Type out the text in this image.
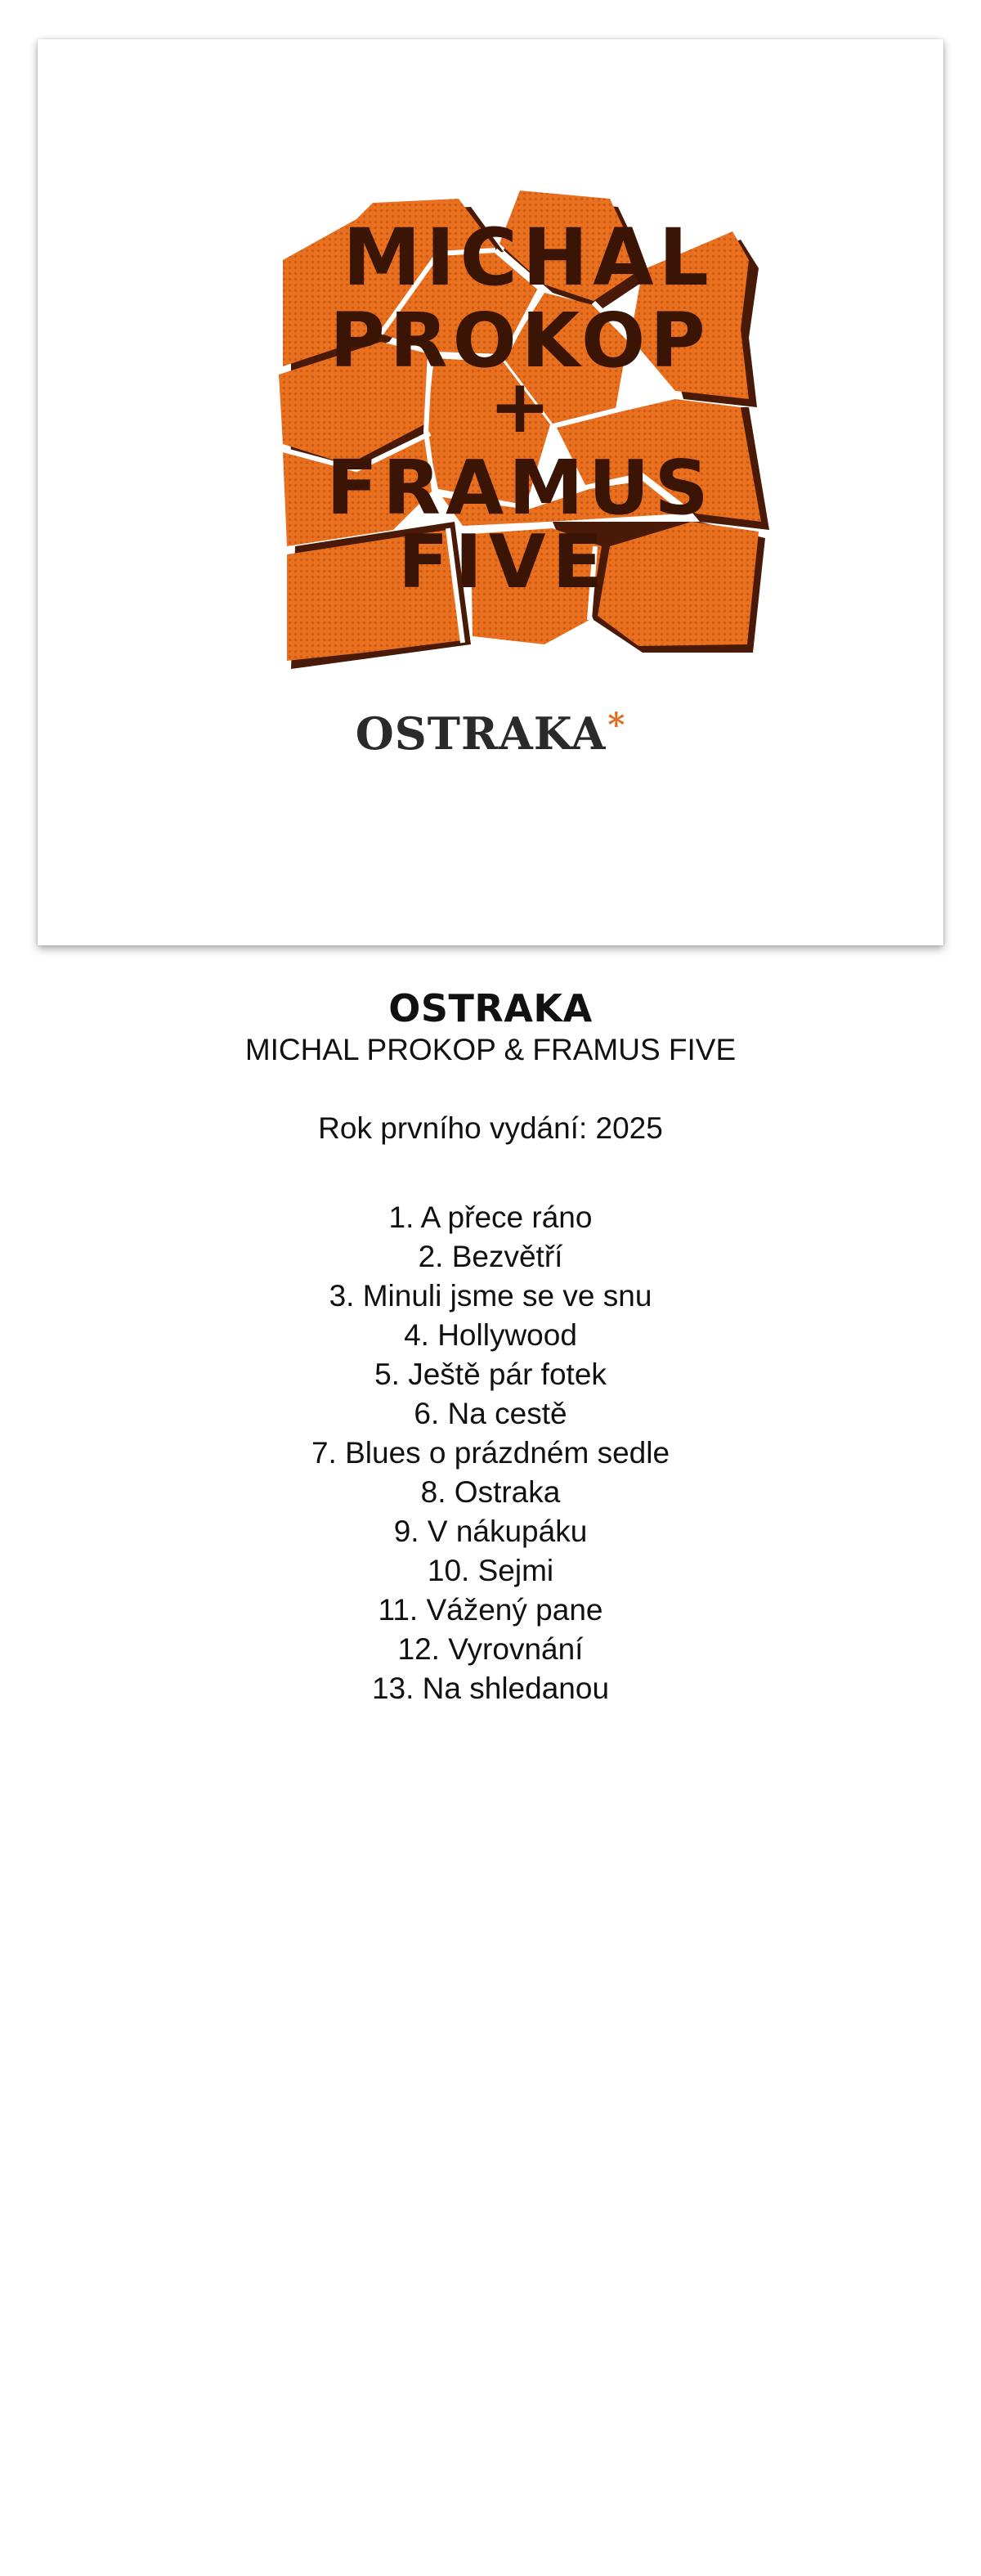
MICHAL
PROKOP
+
FRAMUS
FIVE
OSTRAKA*
OSTRAKA

MICHAL PROKOP & FRAMUS FIVE

Rok prvního vydání: 2025

1. A přece ráno
2. Bezvětří
3. Minuli jsme se ve snu
4. Hollywood
5. Ještě pár fotek
6. Na cestě
7. Blues o prázdném sedle
8. Ostraka
9. V nákupáku
10. Sejmi
11. Vážený pane
12. Vyrovnání
13. Na shledanou
